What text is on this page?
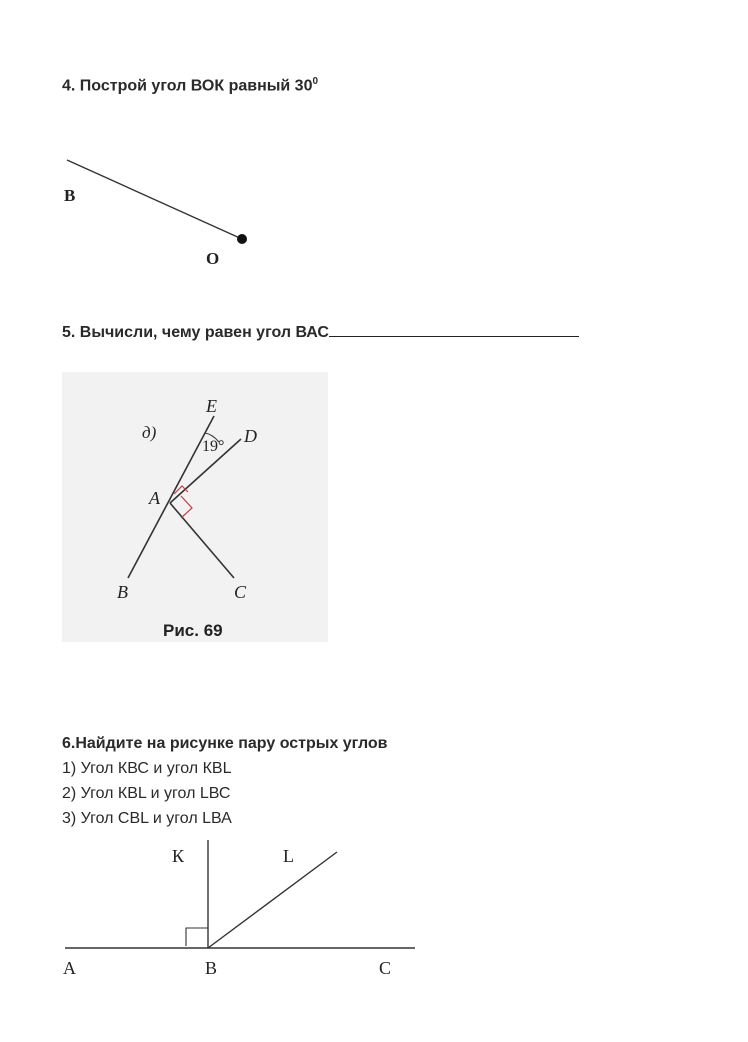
4. Построй угол ВОК равный $30^0$

В
О

5. Вычисли, чему равен угол ВАС

д)
E
D
19°
A
B	C
Рис. 69

6.Найдите на рисунке пару острых углов

1) Угол КВС и угол КВL

2) Угол КВL и угол LВС

3) Угол СВL и угол LВА

К	L
А	В	С
